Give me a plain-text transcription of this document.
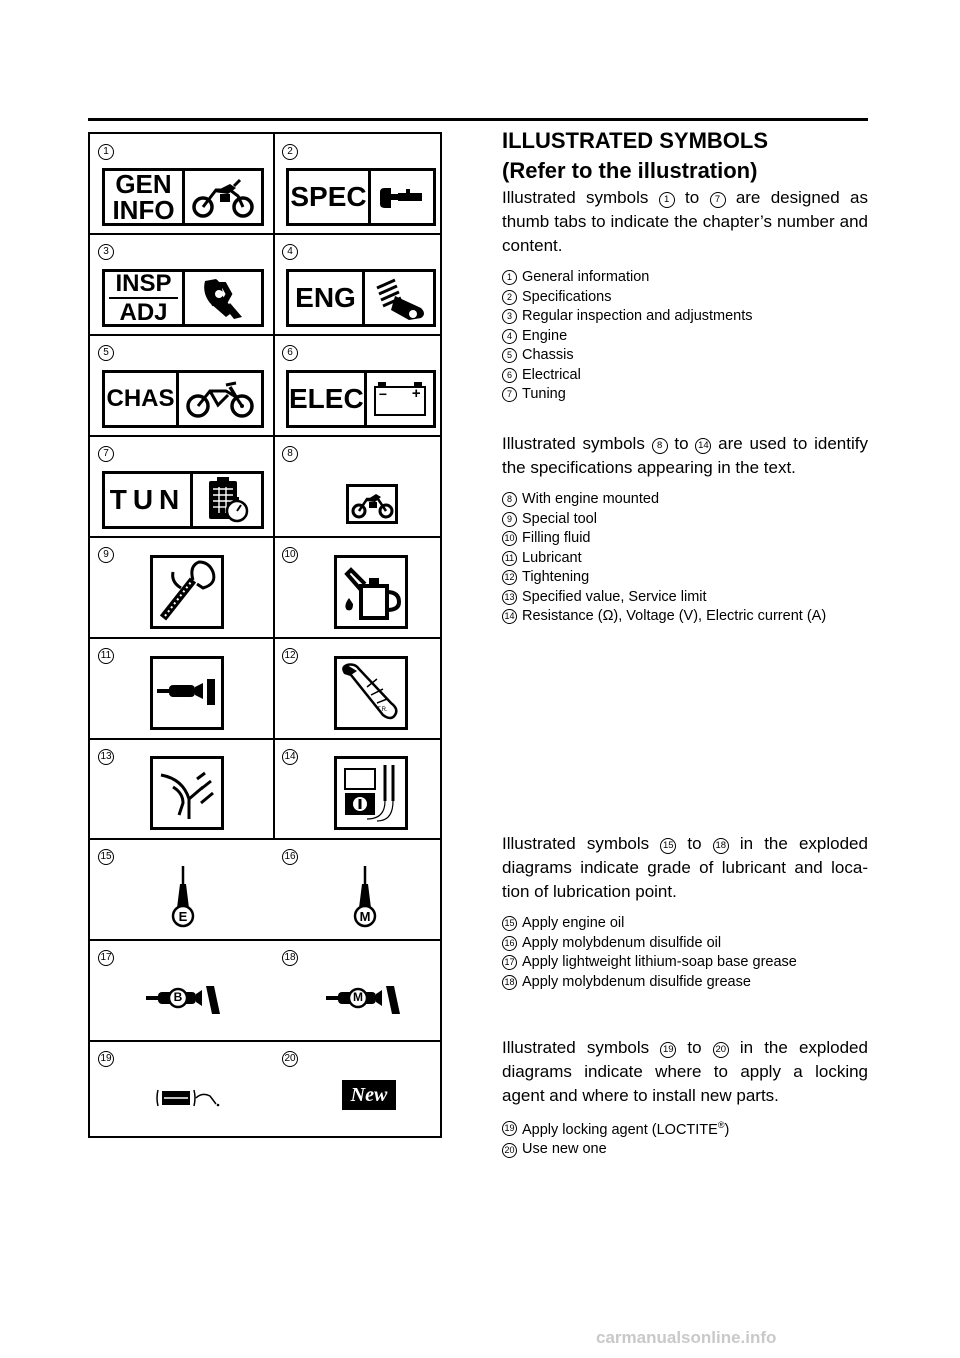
1	2
3	4
5	6
7	8
9	10
11	12
13	14
15	16
17	18
19	20
GEN
INFO	SPEC
INSP
ADJ	ENG
CHAS	ELEC − +
TUN
T.R.
E	M
B	M
New
ILLUSTRATED SYMBOLS
(Refer to the illustration)
Illustrated symbols 1 to 7 are designed as thumb tabs to indicate the chapter’s number and content.
1 General information
2 Specifications
3 Regular inspection and adjustments
4 Engine
5 Chassis
6 Electrical
7 Tuning
Illustrated symbols 8 to 14 are used to identify the specifications appearing in the text.
8 With engine mounted
9 Special tool
10 Filling fluid
11 Lubricant
12 Tightening
13 Specified value, Service limit
14 Resistance (Ω), Voltage (V), Electric current (A)
Illustrated symbols 15 to 18 in the exploded diagrams indicate grade of lubricant and loca-tion of lubrication point.
15 Apply engine oil
16 Apply molybdenum disulfide oil
17 Apply lightweight lithium-soap base grease
18 Apply molybdenum disulfide grease
Illustrated symbols 19 to 20 in the exploded diagrams indicate where to apply a locking agent and where to install new parts.
19 Apply locking agent (LOCTITE®)
20 Use new one
carmanualsonline.info
